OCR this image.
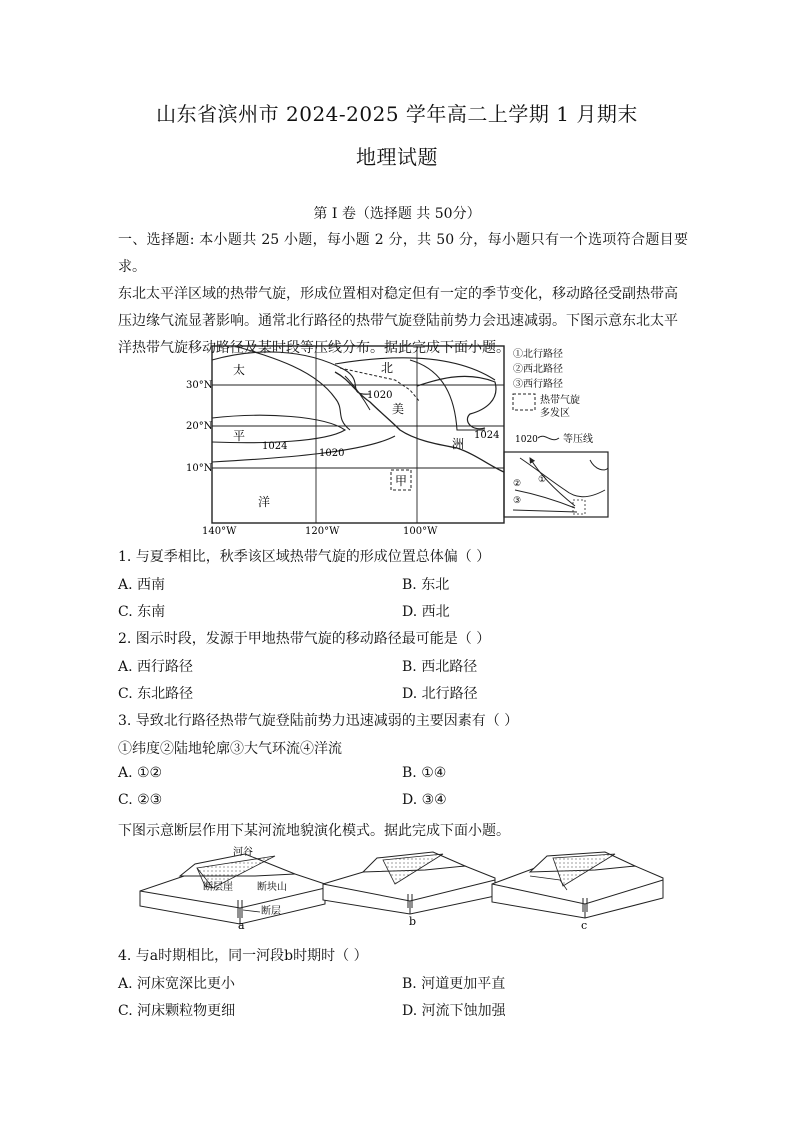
山东省滨州市 2024-2025 学年高二上学期 1 月期末
地理试题
第 I 卷（选择题 共 50分）
一、选择题: 本小题共 25 小题，每小题 2 分，共 50 分，每小题只有一个选项符合题目要求。
东北太平洋区域的热带气旋，形成位置相对稳定但有一定的季节变化，移动路径受副热带高
压边缘气流显著影响。通常北行路径的热带气旋登陆前势力会迅速减弱。下图示意东北太平
洋热带气旋移动路径及某时段等压线分布。据此完成下面小题。
甲
太
平
洋
北
美
洲
1020
1024
1020
1024
30°N
20°N
10°N
140°W	120°W	100°W
①北行路径
②西北路径
③西行路径
热带气旋
多发区
1020	等压线
①
②
③
1. 与夏季相比，秋季该区域热带气旋的形成位置总体偏（ ）
A. 西南	B. 东北
C. 东南	D. 西北
2. 图示时段，发源于甲地热带气旋的移动路径最可能是（ ）
A. 西行路径	B. 西北路径
C. 东北路径	D. 北行路径
3. 导致北行路径热带气旋登陆前势力迅速减弱的主要因素有（ ）
①纬度②陆地轮廓③大气环流④洋流
A. ①②	B. ①④
C. ②③	D. ③④
下图示意断层作用下某河流地貌演化模式。据此完成下面小题。
河谷
断层崖 断块山
断层
a	b	c
4. 与a时期相比，同一河段b时期时（ ）
A. 河床宽深比更小	B. 河道更加平直
C. 河床颗粒物更细	D. 河流下蚀加强
